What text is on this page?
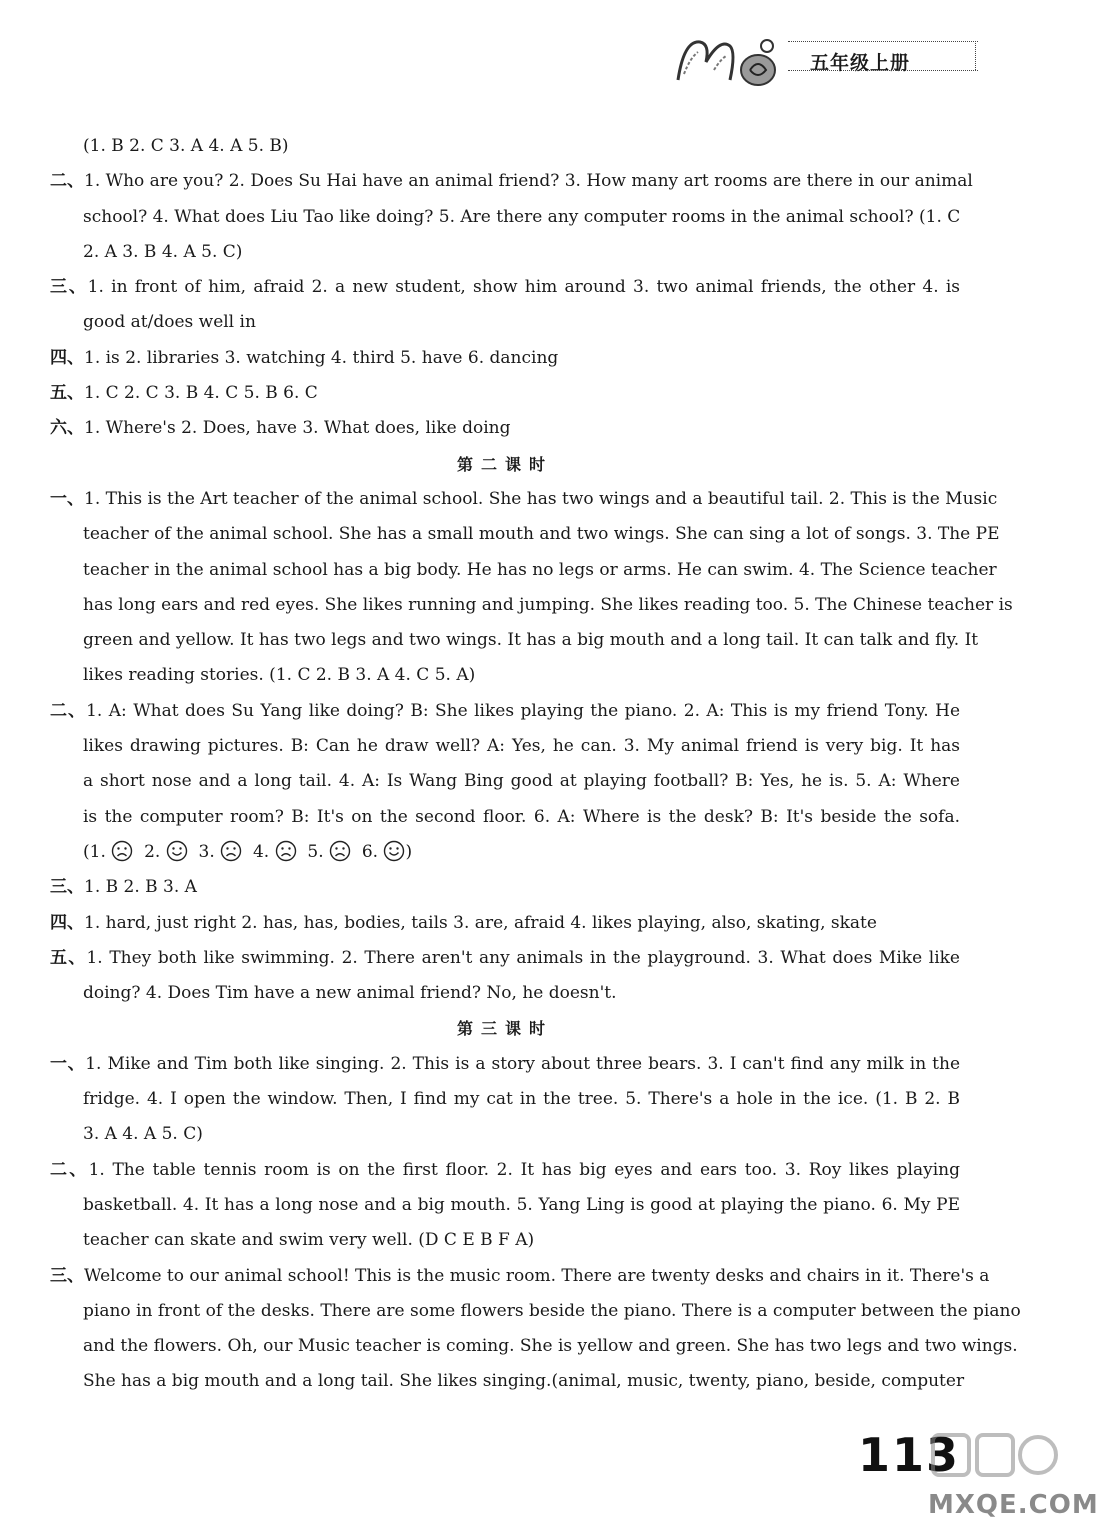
五年级上册
(1. B 2. C 3. A 4. A 5. B)
二、1. Who are you? 2. Does Su Hai have an animal friend? 3. How many art rooms are there in our animal
school? 4. What does Liu Tao like doing? 5. Are there any computer rooms in the animal school? (1. C
2. A 3. B 4. A 5. C)
三、1. in front of him, afraid 2. a new student, show him around 3. two animal friends, the other 4. is
good at/does well in
四、1. is 2. libraries 3. watching 4. third 5. have 6. dancing
五、1. C 2. C 3. B 4. C 5. B 6. C
六、1. Where's 2. Does, have 3. What does, like doing
第二课时
一、1. This is the Art teacher of the animal school. She has two wings and a beautiful tail. 2. This is the Music
teacher of the animal school. She has a small mouth and two wings. She can sing a lot of songs. 3. The PE
teacher in the animal school has a big body. He has no legs or arms. He can swim. 4. The Science teacher
has long ears and red eyes. She likes running and jumping. She likes reading too. 5. The Chinese teacher is
green and yellow. It has two legs and two wings. It has a big mouth and a long tail. It can talk and fly. It
likes reading stories. (1. C 2. B 3. A 4. C 5. A)
二、1. A: What does Su Yang like doing? B: She likes playing the piano. 2. A: This is my friend Tony. He
likes drawing pictures. B: Can he draw well? A: Yes, he can. 3. My animal friend is very big. It has
a short nose and a long tail. 4. A: Is Wang Bing good at playing football? B: Yes, he is. 5. A: Where
is the computer room? B: It's on the second floor. 6. A: Where is the desk? B: It's beside the sofa.
(1.   2.   3.   4.   5.   6. )
三、1. B 2. B 3. A
四、1. hard, just right 2. has, has, bodies, tails 3. are, afraid 4. likes playing, also, skating, skate
五、1. They both like swimming. 2. There aren't any animals in the playground. 3. What does Mike like
doing? 4. Does Tim have a new animal friend? No, he doesn't.
第三课时
一、1. Mike and Tim both like singing. 2. This is a story about three bears. 3. I can't find any milk in the
fridge. 4. I open the window. Then, I find my cat in the tree. 5. There's a hole in the ice. (1. B 2. B
3. A 4. A 5. C)
二、1. The table tennis room is on the first floor. 2. It has big eyes and ears too. 3. Roy likes playing
basketball. 4. It has a long nose and a big mouth. 5. Yang Ling is good at playing the piano. 6. My PE
teacher can skate and swim very well. (D C E B F A)
三、Welcome to our animal school! This is the music room. There are twenty desks and chairs in it. There's a
piano in front of the desks. There are some flowers beside the piano. There is a computer between the piano
and the flowers. Oh, our Music teacher is coming. She is yellow and green. She has two legs and two wings.
She has a big mouth and a long tail. She likes singing.(animal, music, twenty, piano, beside, computer
113
MXQE.COM
